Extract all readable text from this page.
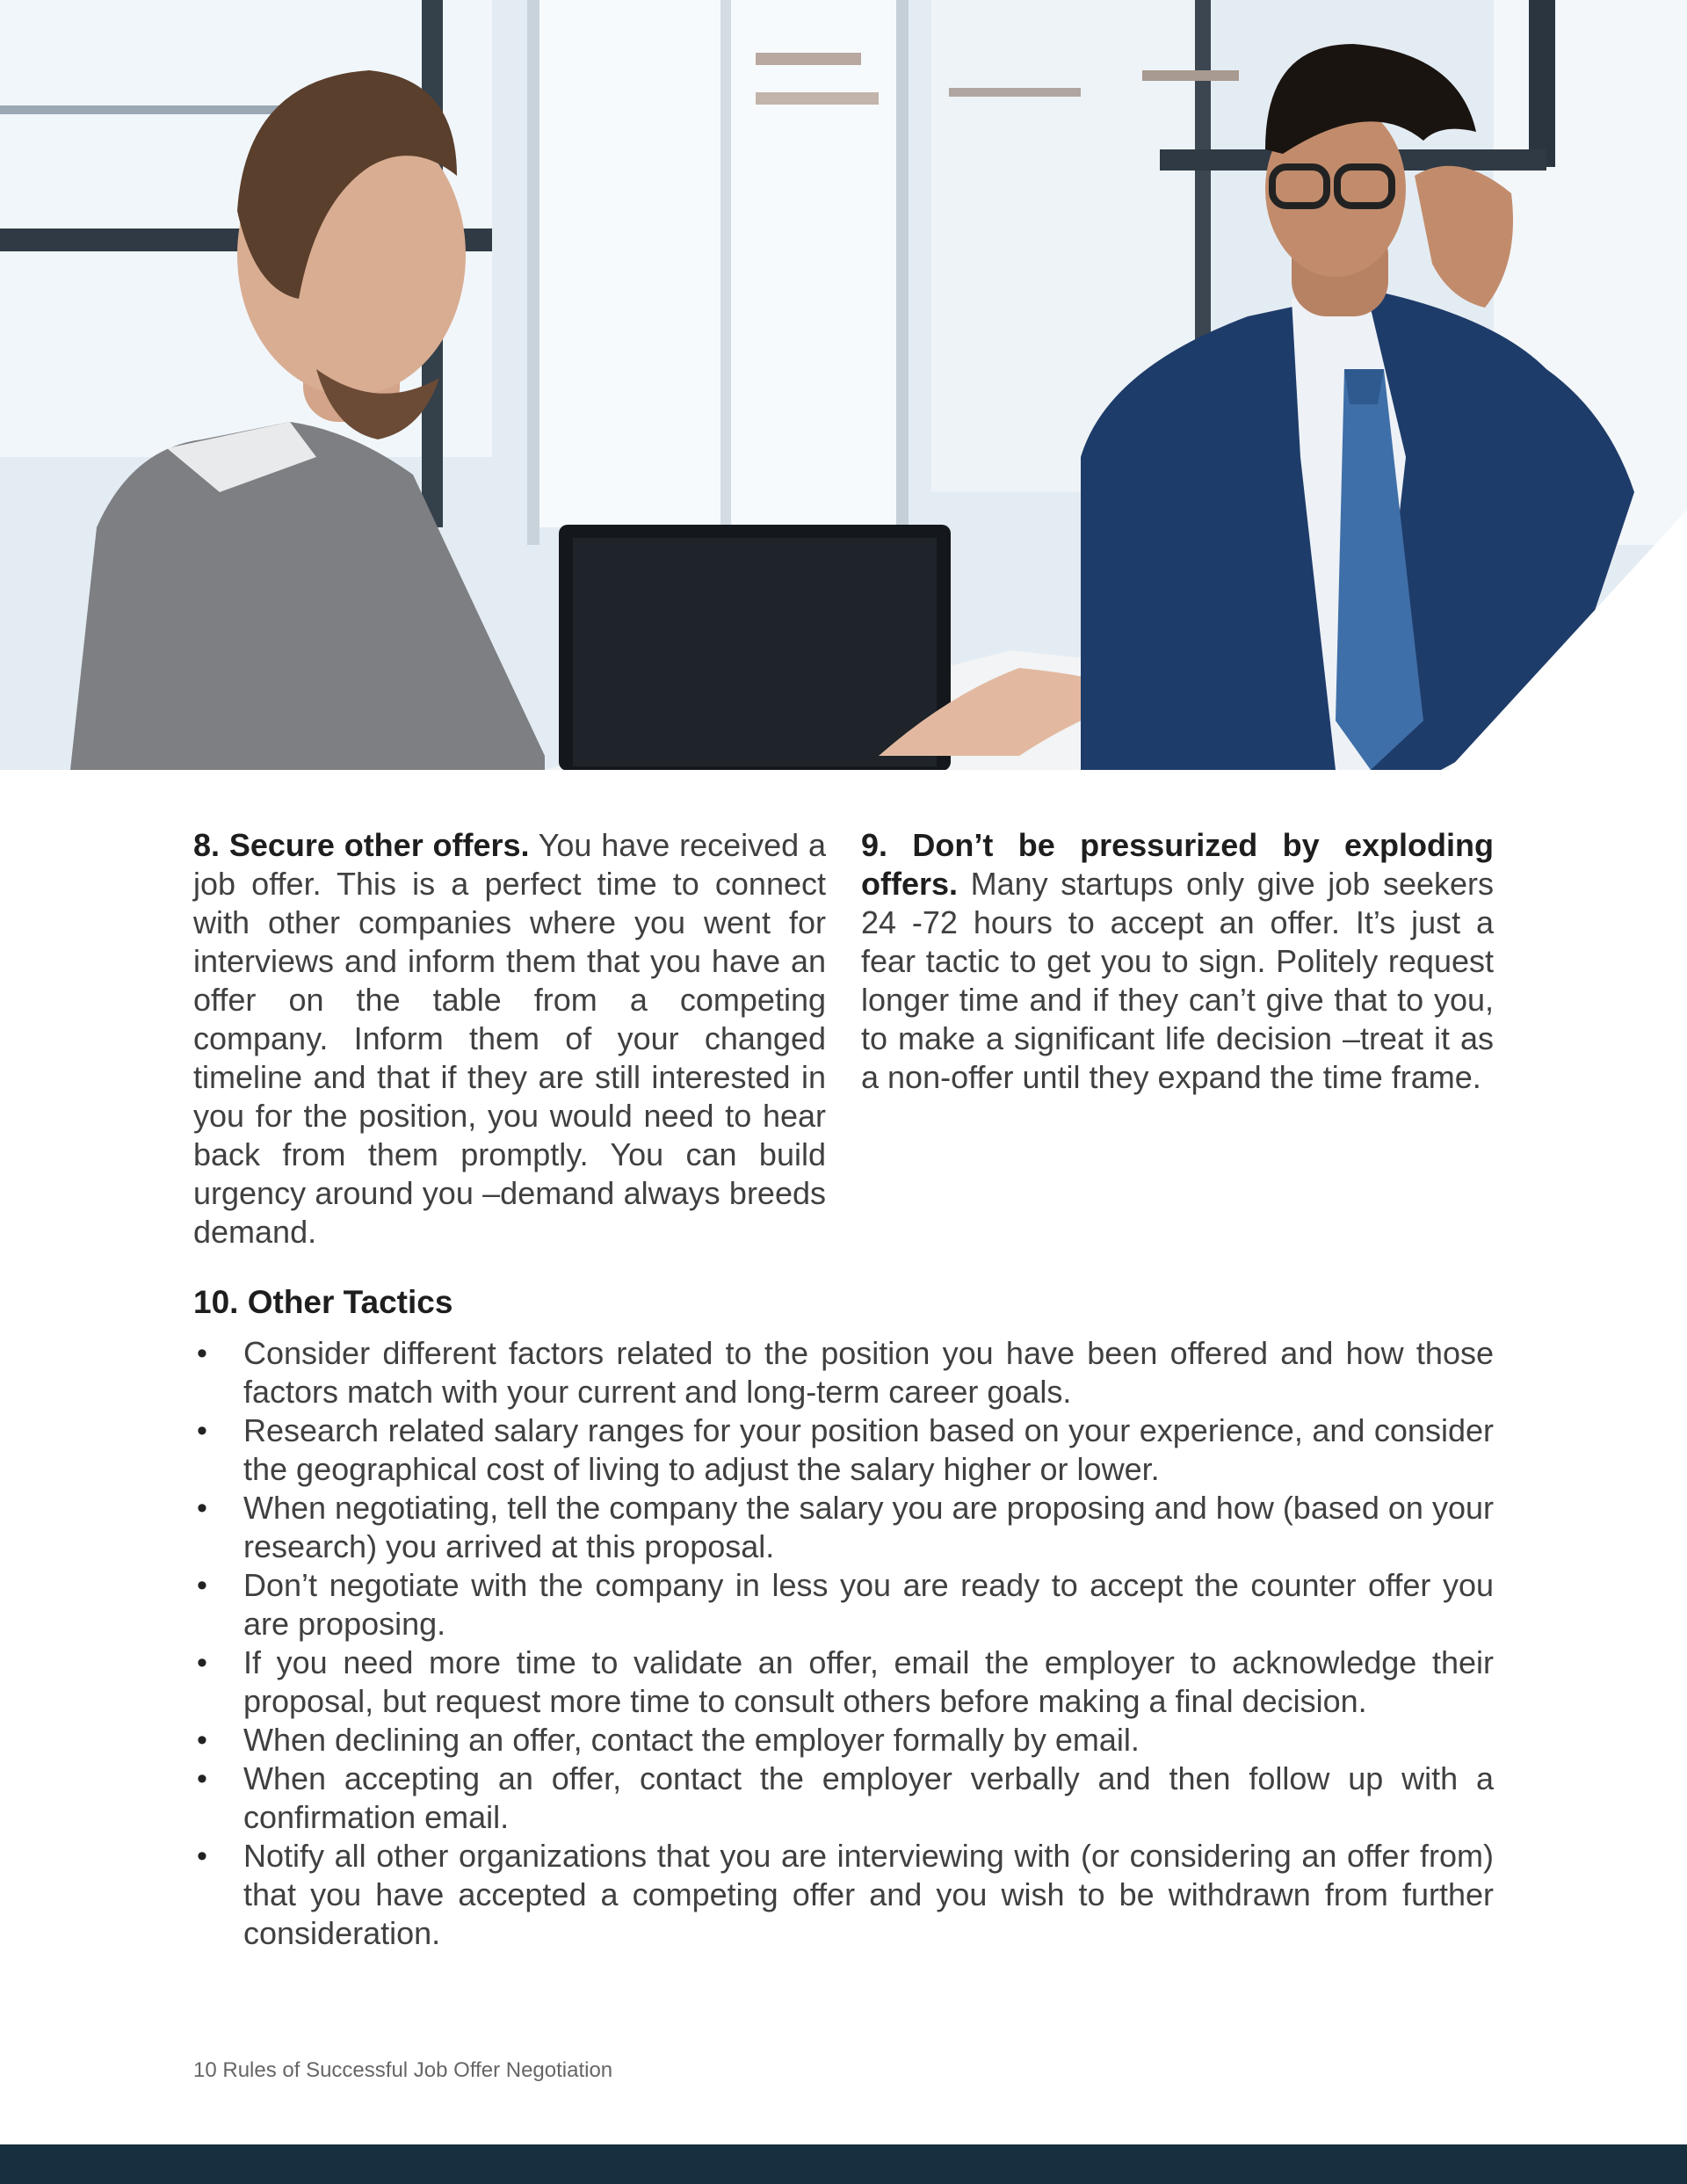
8. Secure other offers. You have received a job offer. This is a perfect time to connect with other companies where you went for interviews and inform them that you have an offer on the table from a competing company. Inform them of your changed timeline and that if they are still interested in you for the position, you would need to hear back from them promptly. You can build urgency around you –demand always breeds demand.

9. Don’t be pressurized by exploding offers. Many startups only give job seekers 24 -72 hours to accept an offer. It’s just a fear tactic to get you to sign. Politely request longer time and if they can’t give that to you, to make a significant life decision –treat it as a non-offer until they expand the time frame.

10. Other Tactics
• Consider different factors related to the position you have been offered and how those factors match with your current and long-term career goals.
• Research related salary ranges for your position based on your experience, and consider the geographical cost of living to adjust the salary higher or lower.
• When negotiating, tell the company the salary you are proposing and how (based on your research) you arrived at this proposal.
• Don’t negotiate with the company in less you are ready to accept the counter offer you are proposing.
• If you need more time to validate an offer, email the employer to acknowledge their proposal, but request more time to consult others before making a final decision.
• When declining an offer, contact the employer formally by email.
• When accepting an offer, contact the employer verbally and then follow up with a confirmation email.
• Notify all other organizations that you are interviewing with (or considering an offer from) that you have accepted a competing offer and you wish to be withdrawn from further consideration.
10 Rules of Successful Job Offer Negotiation
